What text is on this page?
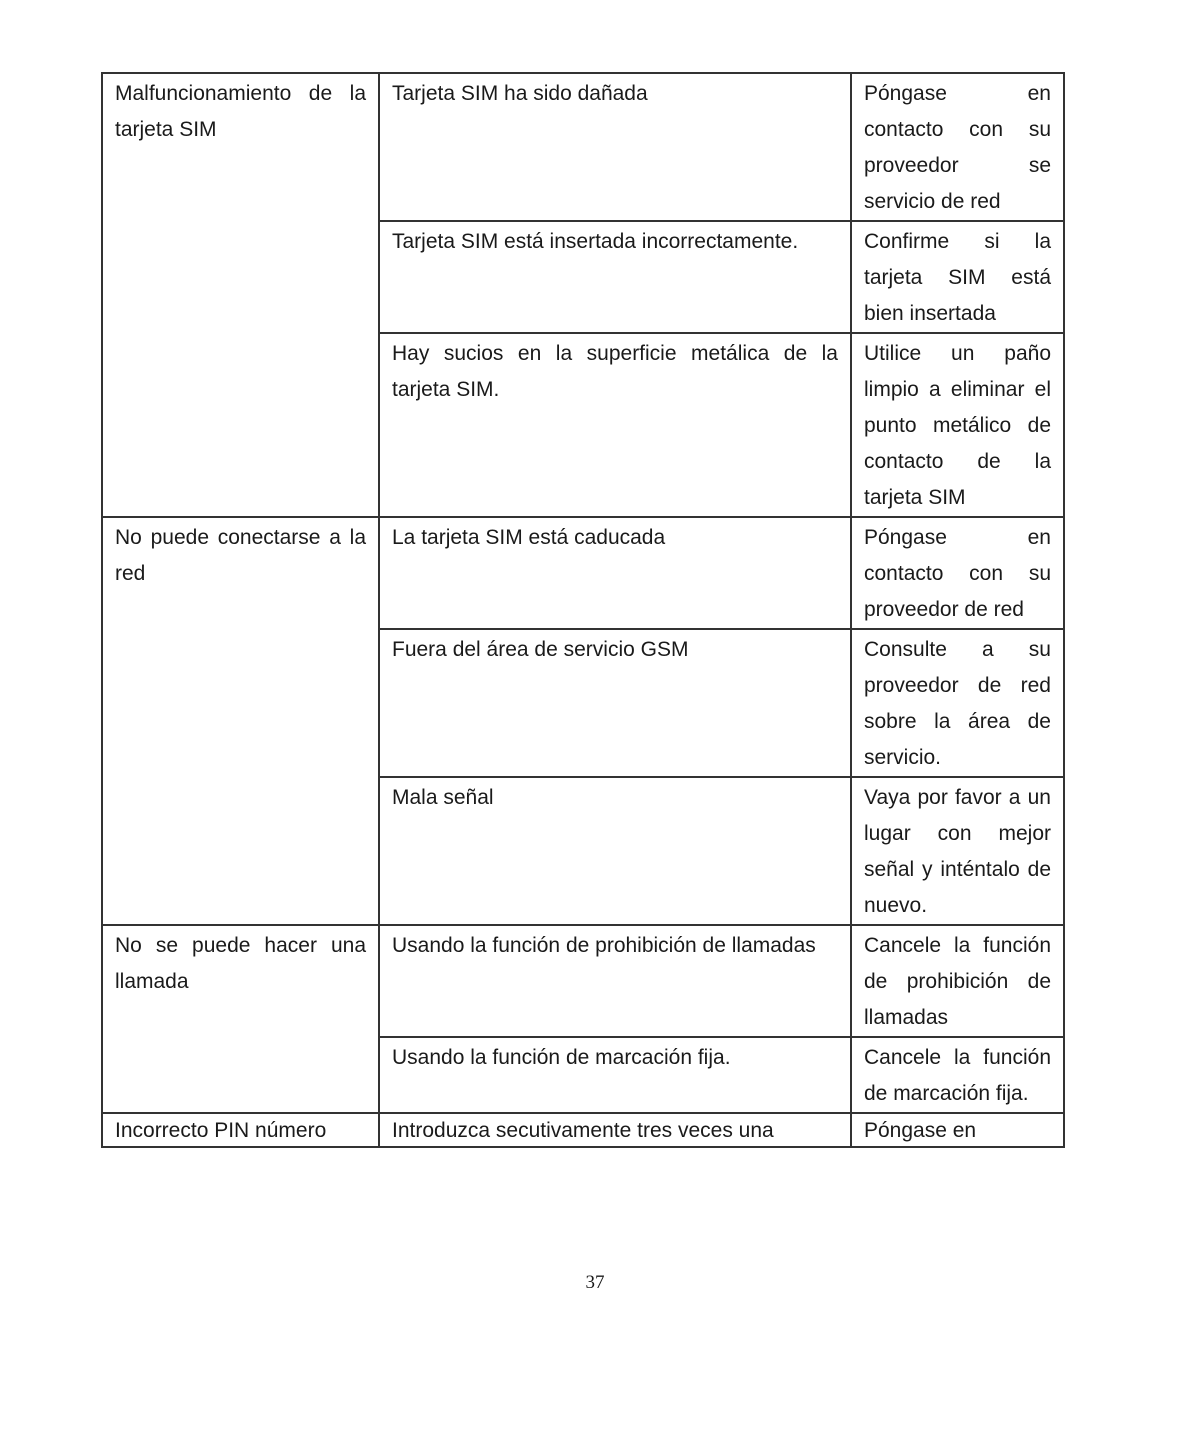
Malfuncionamiento de la tarjeta SIM	Tarjeta SIM ha sido dañada	Póngase en contacto con su proveedor se servicio de red
	Tarjeta SIM está insertada incorrectamente.	Confirme si la tarjeta SIM está bien insertada
	Hay sucios en la superficie metálica de la tarjeta SIM.	Utilice un paño limpio a eliminar el punto metálico de contacto de la tarjeta SIM
No puede conectarse a la red	La tarjeta SIM está caducada	Póngase en contacto con su proveedor de red
	Fuera del área de servicio GSM	Consulte a su proveedor de red sobre la área de servicio.
	Mala señal	Vaya por favor a un lugar con mejor señal y inténtalo de nuevo.
No se puede hacer una llamada	Usando la función de prohibición de llamadas	Cancele la función de prohibición de llamadas
	Usando la función de marcación fija.	Cancele la función de marcación fija.
Incorrecto PIN número	Introduzca secutivamente tres veces una	Póngase en
37
